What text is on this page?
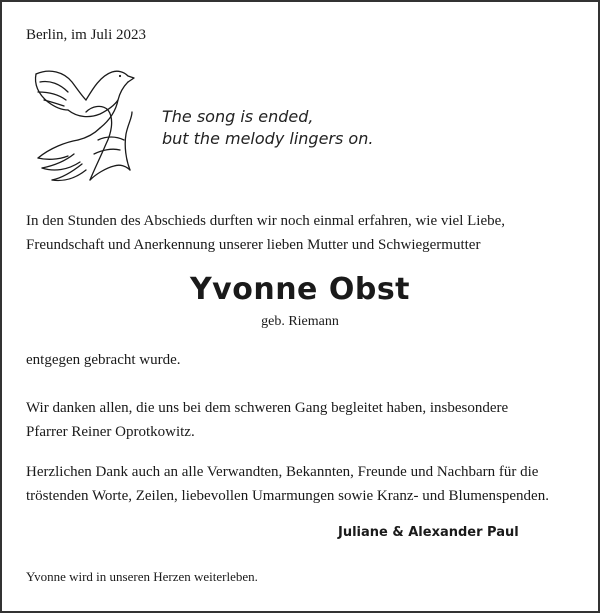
Berlin, im Juli 2023
The song is ended,
but the melody lingers on.
In den Stunden des Abschieds durften wir noch einmal erfahren, wie viel Liebe,
Freundschaft und Anerkennung unserer lieben Mutter und Schwiegermutter
Yvonne Obst
geb. Riemann
entgegen gebracht wurde.
Wir danken allen, die uns bei dem schweren Gang begleitet haben, insbesondere
Pfarrer Reiner Oprotkowitz.
Herzlichen Dank auch an alle Verwandten, Bekannten, Freunde und Nachbarn für die
tröstenden Worte, Zeilen, liebevollen Umarmungen sowie Kranz- und Blumenspenden.
Juliane & Alexander Paul
Yvonne wird in unseren Herzen weiterleben.
